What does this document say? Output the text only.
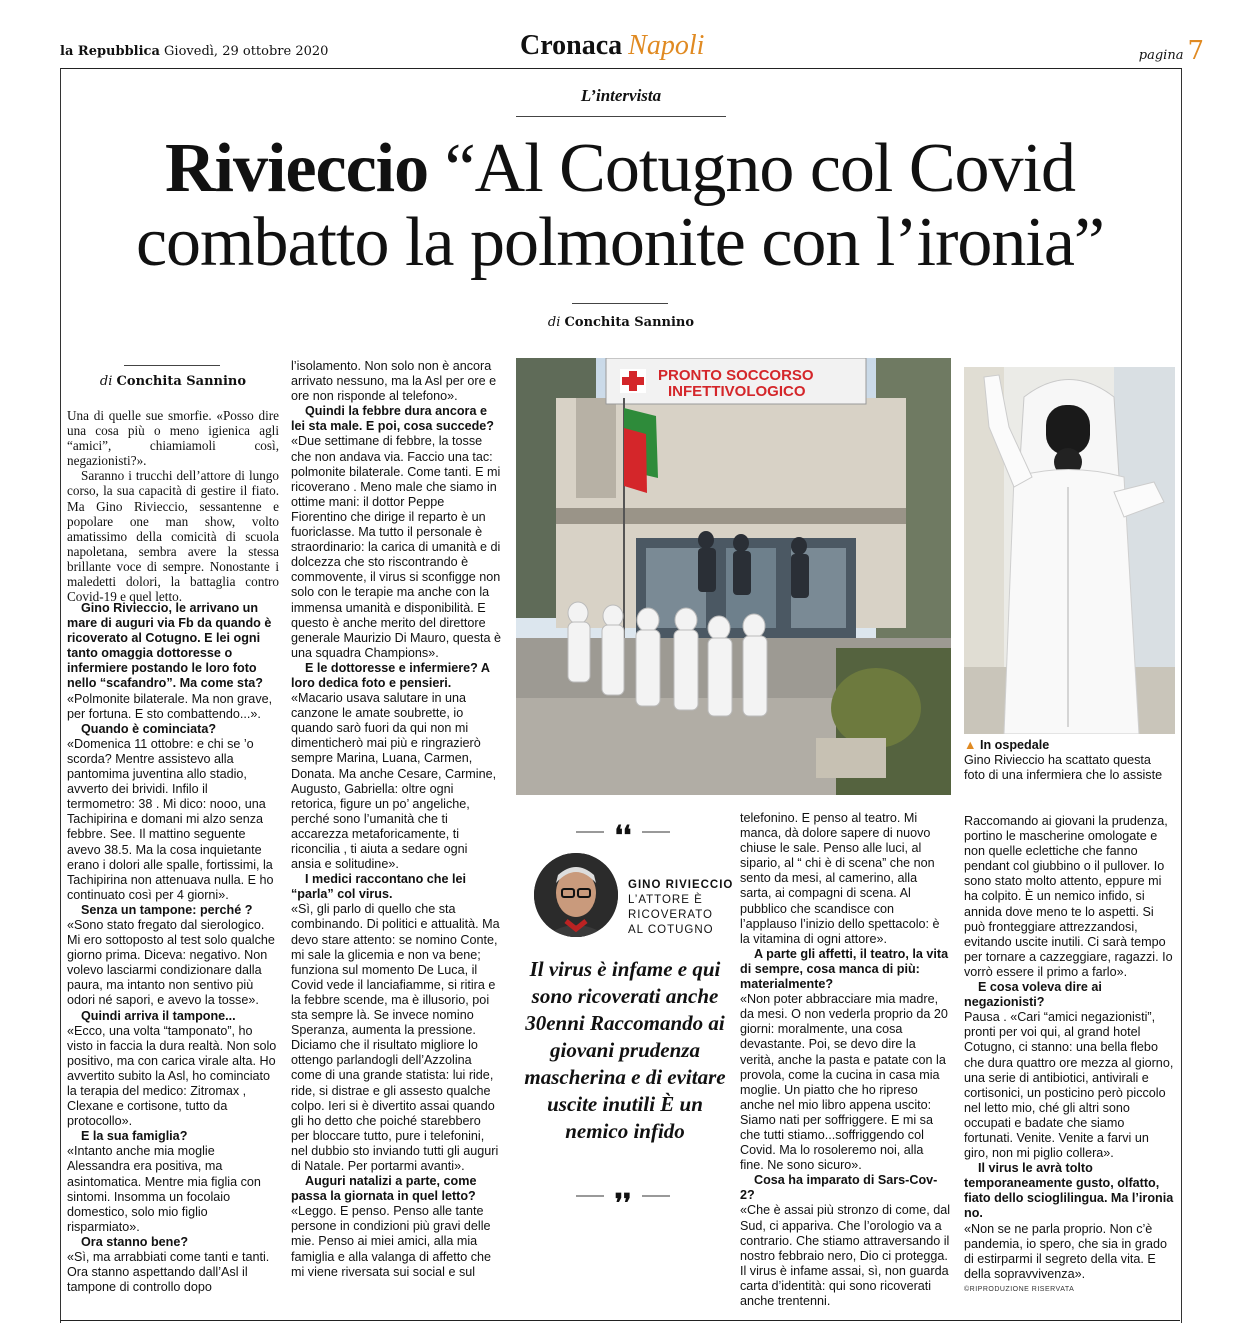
la Repubblica Giovedì, 29 ottobre 2020	Cronaca Napoli	pagina 7
L’intervista
Rivieccio “Al Cotugno col Covid
combatto la polmonite con l’ironia”
di Conchita Sannino
di Conchita Sannino

Una di quelle sue smorfie. «Posso dire una cosa più o meno igienica agli “amici”, chiamiamoli così, negazionisti?».

Saranno i trucchi dell’attore di lungo corso, la sua capacità di gestire il fiato. Ma Gino Rivieccio, sessantenne e popolare one man show, volto amatissimo della comicità di scuola napoletana, sembra avere la stessa brillante voce di sempre. Nonostante i maledetti dolori, la battaglia contro Covid-19 e quel letto.

Gino Rivieccio, le arrivano un mare di auguri via Fb da quando è ricoverato al Cotugno. E lei ogni tanto omaggia dottoresse o infermiere postando le loro foto nello “scafandro”. Ma come sta?

«Polmonite bilaterale. Ma non grave, per fortuna. E sto combattendo...».

Quando è cominciata?

«Domenica 11 ottobre: e chi se ’o scorda? Mentre assistevo alla pantomima juventina allo stadio, avverto dei brividi. Infilo il termometro: 38 . Mi dico: nooo, una Tachipirina e domani mi alzo senza febbre. See. Il mattino seguente avevo 38.5. Ma la cosa inquietante erano i dolori alle spalle, fortissimi, la Tachipirina non attenuava nulla. E ho continuato così per 4 giorni».

Senza un tampone: perché ?

«Sono stato fregato dal sierologico. Mi ero sottoposto al test solo qualche giorno prima. Diceva: negativo. Non volevo lasciarmi condizionare dalla paura, ma intanto non sentivo più odori né sapori, e avevo la tosse».

Quindi arriva il tampone...

«Ecco, una volta “tamponato”, ho visto in faccia la dura realtà. Non solo positivo, ma con carica virale alta. Ho avvertito subito la Asl, ho cominciato la terapia del medico: Zitromax , Clexane e cortisone, tutto da protocollo».

E la sua famiglia?

«Intanto anche mia moglie Alessandra era positiva, ma asintomatica. Mentre mia figlia con sintomi. Insomma un focolaio domestico, solo mio figlio risparmiato».

Ora stanno bene?

«Sì, ma arrabbiati come tanti e tanti. Ora stanno aspettando dall’Asl il tampone di controllo dopo

l’isolamento. Non solo non è ancora arrivato nessuno, ma la Asl per ore e ore non risponde al telefono».

Quindi la febbre dura ancora e lei sta male. E poi, cosa succede?

«Due settimane di febbre, la tosse che non andava via. Faccio una tac: polmonite bilaterale. Come tanti. E mi ricoverano . Meno male che siamo in ottime mani: il dottor Peppe Fiorentino che dirige il reparto è un fuoriclasse. Ma tutto il personale è straordinario: la carica di umanità e di dolcezza che sto riscontrando è commovente, il virus si sconfigge non solo con le terapie ma anche con la immensa umanità e disponibilità. E questo è anche merito del direttore generale Maurizio Di Mauro, questa è una squadra Champions».

E le dottoresse e infermiere? A loro dedica foto e pensieri.

«Macario usava salutare in una canzone le amate soubrette, io quando sarò fuori da qui non mi dimenticherò mai più e ringrazierò sempre Marina, Luana, Carmen, Donata. Ma anche Cesare, Carmine, Augusto, Gabriella: oltre ogni retorica, figure un po’ angeliche, perché sono l’umanità che ti accarezza metaforicamente, ti riconcilia , ti aiuta a sedare ogni ansia e solitudine».

I medici raccontano che lei “parla” col virus.

«Sì, gli parlo di quello che sta combinando. Di politici e attualità. Ma devo stare attento: se nomino Conte, mi sale la glicemia e non va bene; funziona sul momento De Luca, il Covid vede il lanciafiamme, si ritira e la febbre scende, ma è illusorio, poi sta sempre là. Se invece nomino Speranza, aumenta la pressione. Diciamo che il risultato migliore lo ottengo parlandogli dell’Azzolina come di una grande statista: lui ride, ride, si distrae e gli assesto qualche colpo. Ieri si è divertito assai quando gli ho detto che poiché starebbero per bloccare tutto, pure i telefonini, nel dubbio sto inviando tutti gli auguri di Natale. Per portarmi avanti».

Auguri natalizi a parte, come passa la giornata in quel letto?

«Leggo. E penso. Penso alle tante persone in condizioni più gravi delle mie. Penso ai miei amici, alla mia famiglia e alla valanga di affetto che mi viene riversata sui social e sul

PRONTO SOCCORSO
INFETTIVOLOGICO
▲ In ospedale
Gino Rivieccio ha scattato questa foto di una infermiera che lo assiste
❛❛
GINO RIVIECCIO
L’ATTORE È
RICOVERATO
AL COTUGNO
Il virus è infame e qui sono ricoverati anche 30enni Raccomando ai giovani prudenza mascherina e di evitare uscite inutili È un nemico infido
❜❜

telefonino. E penso al teatro. Mi manca, dà dolore sapere di nuovo chiuse le sale. Penso alle luci, al sipario, al “ chi è di scena” che non sento da mesi, al camerino, alla sarta, ai compagni di scena. Al pubblico che scandisce con l’applauso l’inizio dello spettacolo: è la vitamina di ogni attore».

A parte gli affetti, il teatro, la vita di sempre, cosa manca di più: materialmente?

«Non poter abbracciare mia madre, da mesi. O non vederla proprio da 20 giorni: moralmente, una cosa devastante. Poi, se devo dire la verità, anche la pasta e patate con la provola, come la cucina in casa mia moglie. Un piatto che ho ripreso anche nel mio libro appena uscito: Siamo nati per soffriggere. E mi sa che tutti stiamo...soffriggendo col Covid. Ma lo rosoleremo noi, alla fine. Ne sono sicuro».

Cosa ha imparato di Sars-Cov-2?

«Che è assai più stronzo di come, dal Sud, ci appariva. Che l’orologio va a contrario. Che stiamo attraversando il nostro febbraio nero, Dio ci protegga. Il virus è infame assai, sì, non guarda carta d’identità: qui sono ricoverati anche trentenni.

Raccomando ai giovani la prudenza, portino le mascherine omologate e non quelle eclettiche che fanno pendant col giubbino o il pullover. Io sono stato molto attento, eppure mi ha colpito. È un nemico infido, si annida dove meno te lo aspetti. Si può fronteggiare attrezzandosi, evitando uscite inutili. Ci sarà tempo per tornare a cazzeggiare, ragazzi. Io vorrò essere il primo a farlo».

E cosa voleva dire ai negazionisti?

Pausa . «Cari “amici negazionisti”, pronti per voi qui, al grand hotel Cotugno, ci stanno: una bella flebo che dura quattro ore mezza al giorno, una serie di antibiotici, antivirali e cortisonici, un posticino però piccolo nel letto mio, ché gli altri sono occupati e badate che siamo fortunati. Venite. Venite a farvi un giro, non mi piglio collera».

Il virus le avrà tolto temporaneamente gusto, olfatto, fiato dello scioglilingua. Ma l’ironia no.

«Non se ne parla proprio. Non c’è pandemia, io spero, che sia in grado di estirparmi il segreto della vita. E della sopravvivenza».

©RIPRODUZIONE RISERVATA
